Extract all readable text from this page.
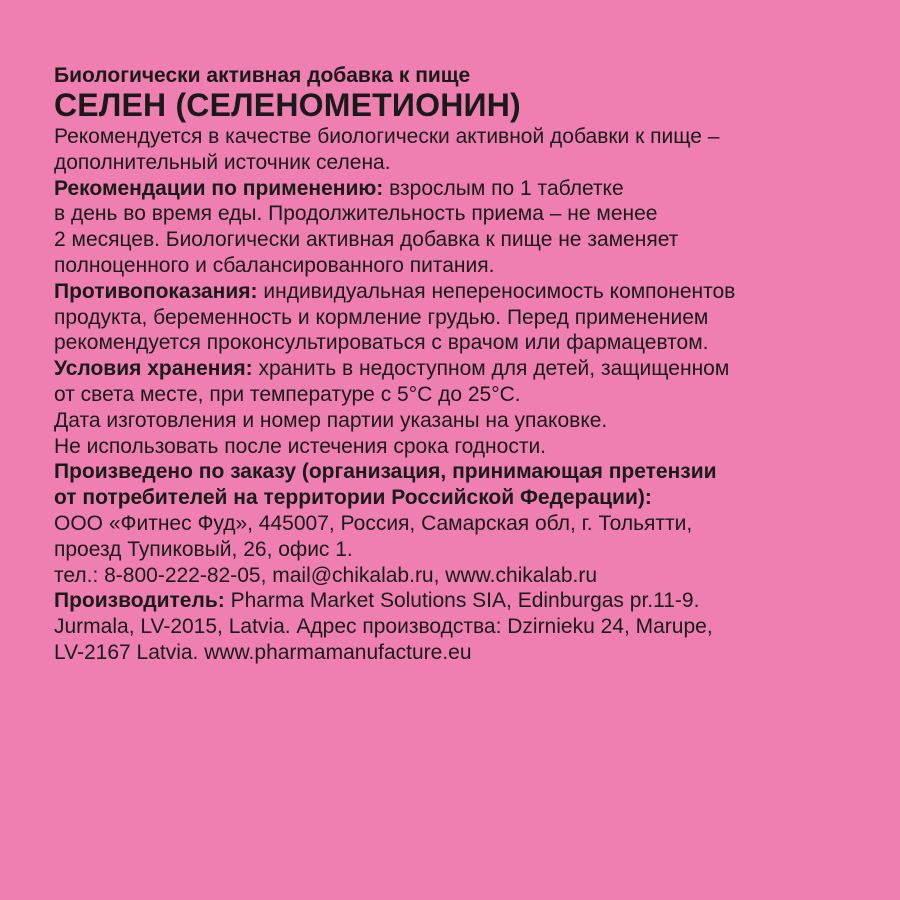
Биологически активная добавка к пище

СЕЛЕН (СЕЛЕНОМЕТИОНИН)

Рекомендуется в качестве биологически активной добавки к пище –
дополнительный источник селена.

Рекомендации по применению: взрослым по 1 таблетке
в день во время еды. Продолжительность приема – не менее
2 месяцев. Биологически активная добавка к пище не заменяет
полноценного и сбалансированного питания.

Противопоказания: индивидуальная непереносимость компонентов
продукта, беременность и кормление грудью. Перед применением
рекомендуется проконсультироваться с врачом или фармацевтом.

Условия хранения: хранить в недоступном для детей, защищенном
от света месте, при температуре с 5°C до 25°C.

Дата изготовления и номер партии указаны на упаковке.

Не использовать после истечения срока годности.

Произведено по заказу (организация, принимающая претензии
от потребителей на территории Российской Федерации):

ООО «Фитнес Фуд», 445007, Россия, Самарская обл, г. Тольятти,
проезд Тупиковый, 26, офис 1.
тел.: 8-800-222-82-05, mail@chikalab.ru, www.chikalab.ru

Производитель: Pharma Market Solutions SIA, Edinburgas pr.11-9.
Jurmala, LV-2015, Latvia. Адрес производства: Dzirnieku 24, Marupe,
LV-2167 Latvia. www.pharmamanufacture.eu
